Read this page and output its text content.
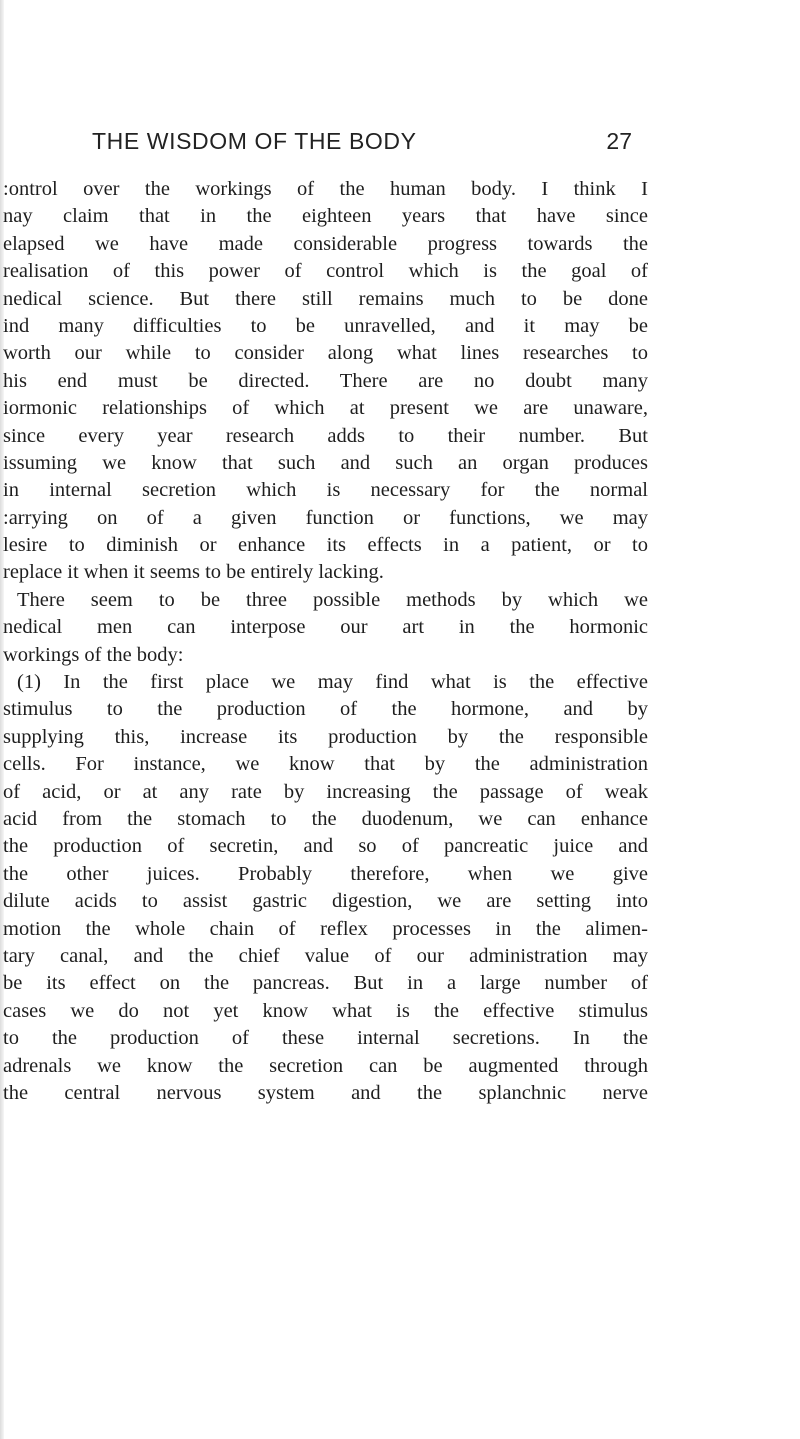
THE WISDOM OF THE BODY	27
:ontrol over the workings of the human body. I think I
nay claim that in the eighteen years that have since
elapsed we have made considerable progress towards the
realisation of this power of control which is the goal of
nedical science. But there still remains much to be done
ind many difficulties to be unravelled, and it may be
worth our while to consider along what lines researches to
his end must be directed. There are no doubt many
iormonic relationships of which at present we are unaware,
since every year research adds to their number. But
issuming we know that such and such an organ produces
in internal secretion which is necessary for the normal
:arrying on of a given function or functions, we may
lesire to diminish or enhance its effects in a patient, or to
replace it when it seems to be entirely lacking.
There seem to be three possible methods by which we
nedical men can interpose our art in the hormonic
workings of the body:
(1) In the first place we may find what is the effective
stimulus to the production of the hormone, and by
supplying this, increase its production by the responsible
cells. For instance, we know that by the administration
of acid, or at any rate by increasing the passage of weak
acid from the stomach to the duodenum, we can enhance
the production of secretin, and so of pancreatic juice and
the other juices. Probably therefore, when we give
dilute acids to assist gastric digestion, we are setting into
motion the whole chain of reflex processes in the alimen-
tary canal, and the chief value of our administration may
be its effect on the pancreas. But in a large number of
cases we do not yet know what is the effective stimulus
to the production of these internal secretions. In the
adrenals we know the secretion can be augmented through
the central nervous system and the splanchnic nerve
